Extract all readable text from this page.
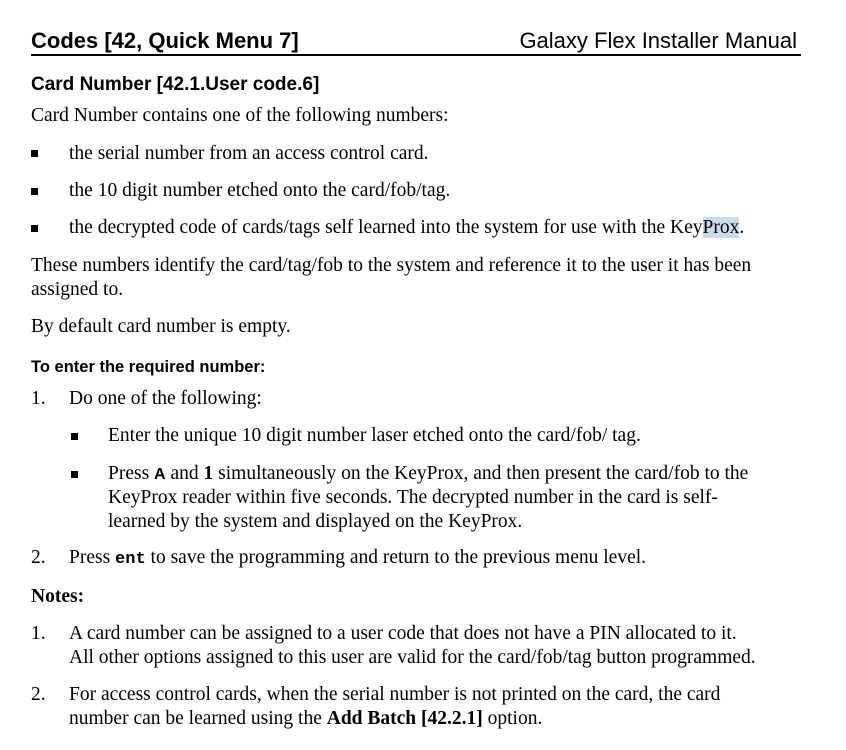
Codes [42, Quick Menu 7]	Galaxy Flex Installer Manual
Card Number [42.1.User code.6]
Card Number contains one of the following numbers:
the serial number from an access control card.
the 10 digit number etched onto the card/fob/tag.
the decrypted code of cards/tags self learned into the system for use with the KeyProx.
These numbers identify the card/tag/fob to the system and reference it to the user it has been
assigned to.
By default card number is empty.
To enter the required number:
1. Do one of the following:
Enter the unique 10 digit number laser etched onto the card/fob/ tag.
Press A and 1 simultaneously on the KeyProx, and then present the card/fob to the
KeyProx reader within five seconds. The decrypted number in the card is self-
learned by the system and displayed on the KeyProx.
2. Press ent to save the programming and return to the previous menu level.
Notes:
1. A card number can be assigned to a user code that does not have a PIN allocated to it.
All other options assigned to this user are valid for the card/fob/tag button programmed.
2. For access control cards, when the serial number is not printed on the card, the card
number can be learned using the Add Batch [42.2.1] option.
